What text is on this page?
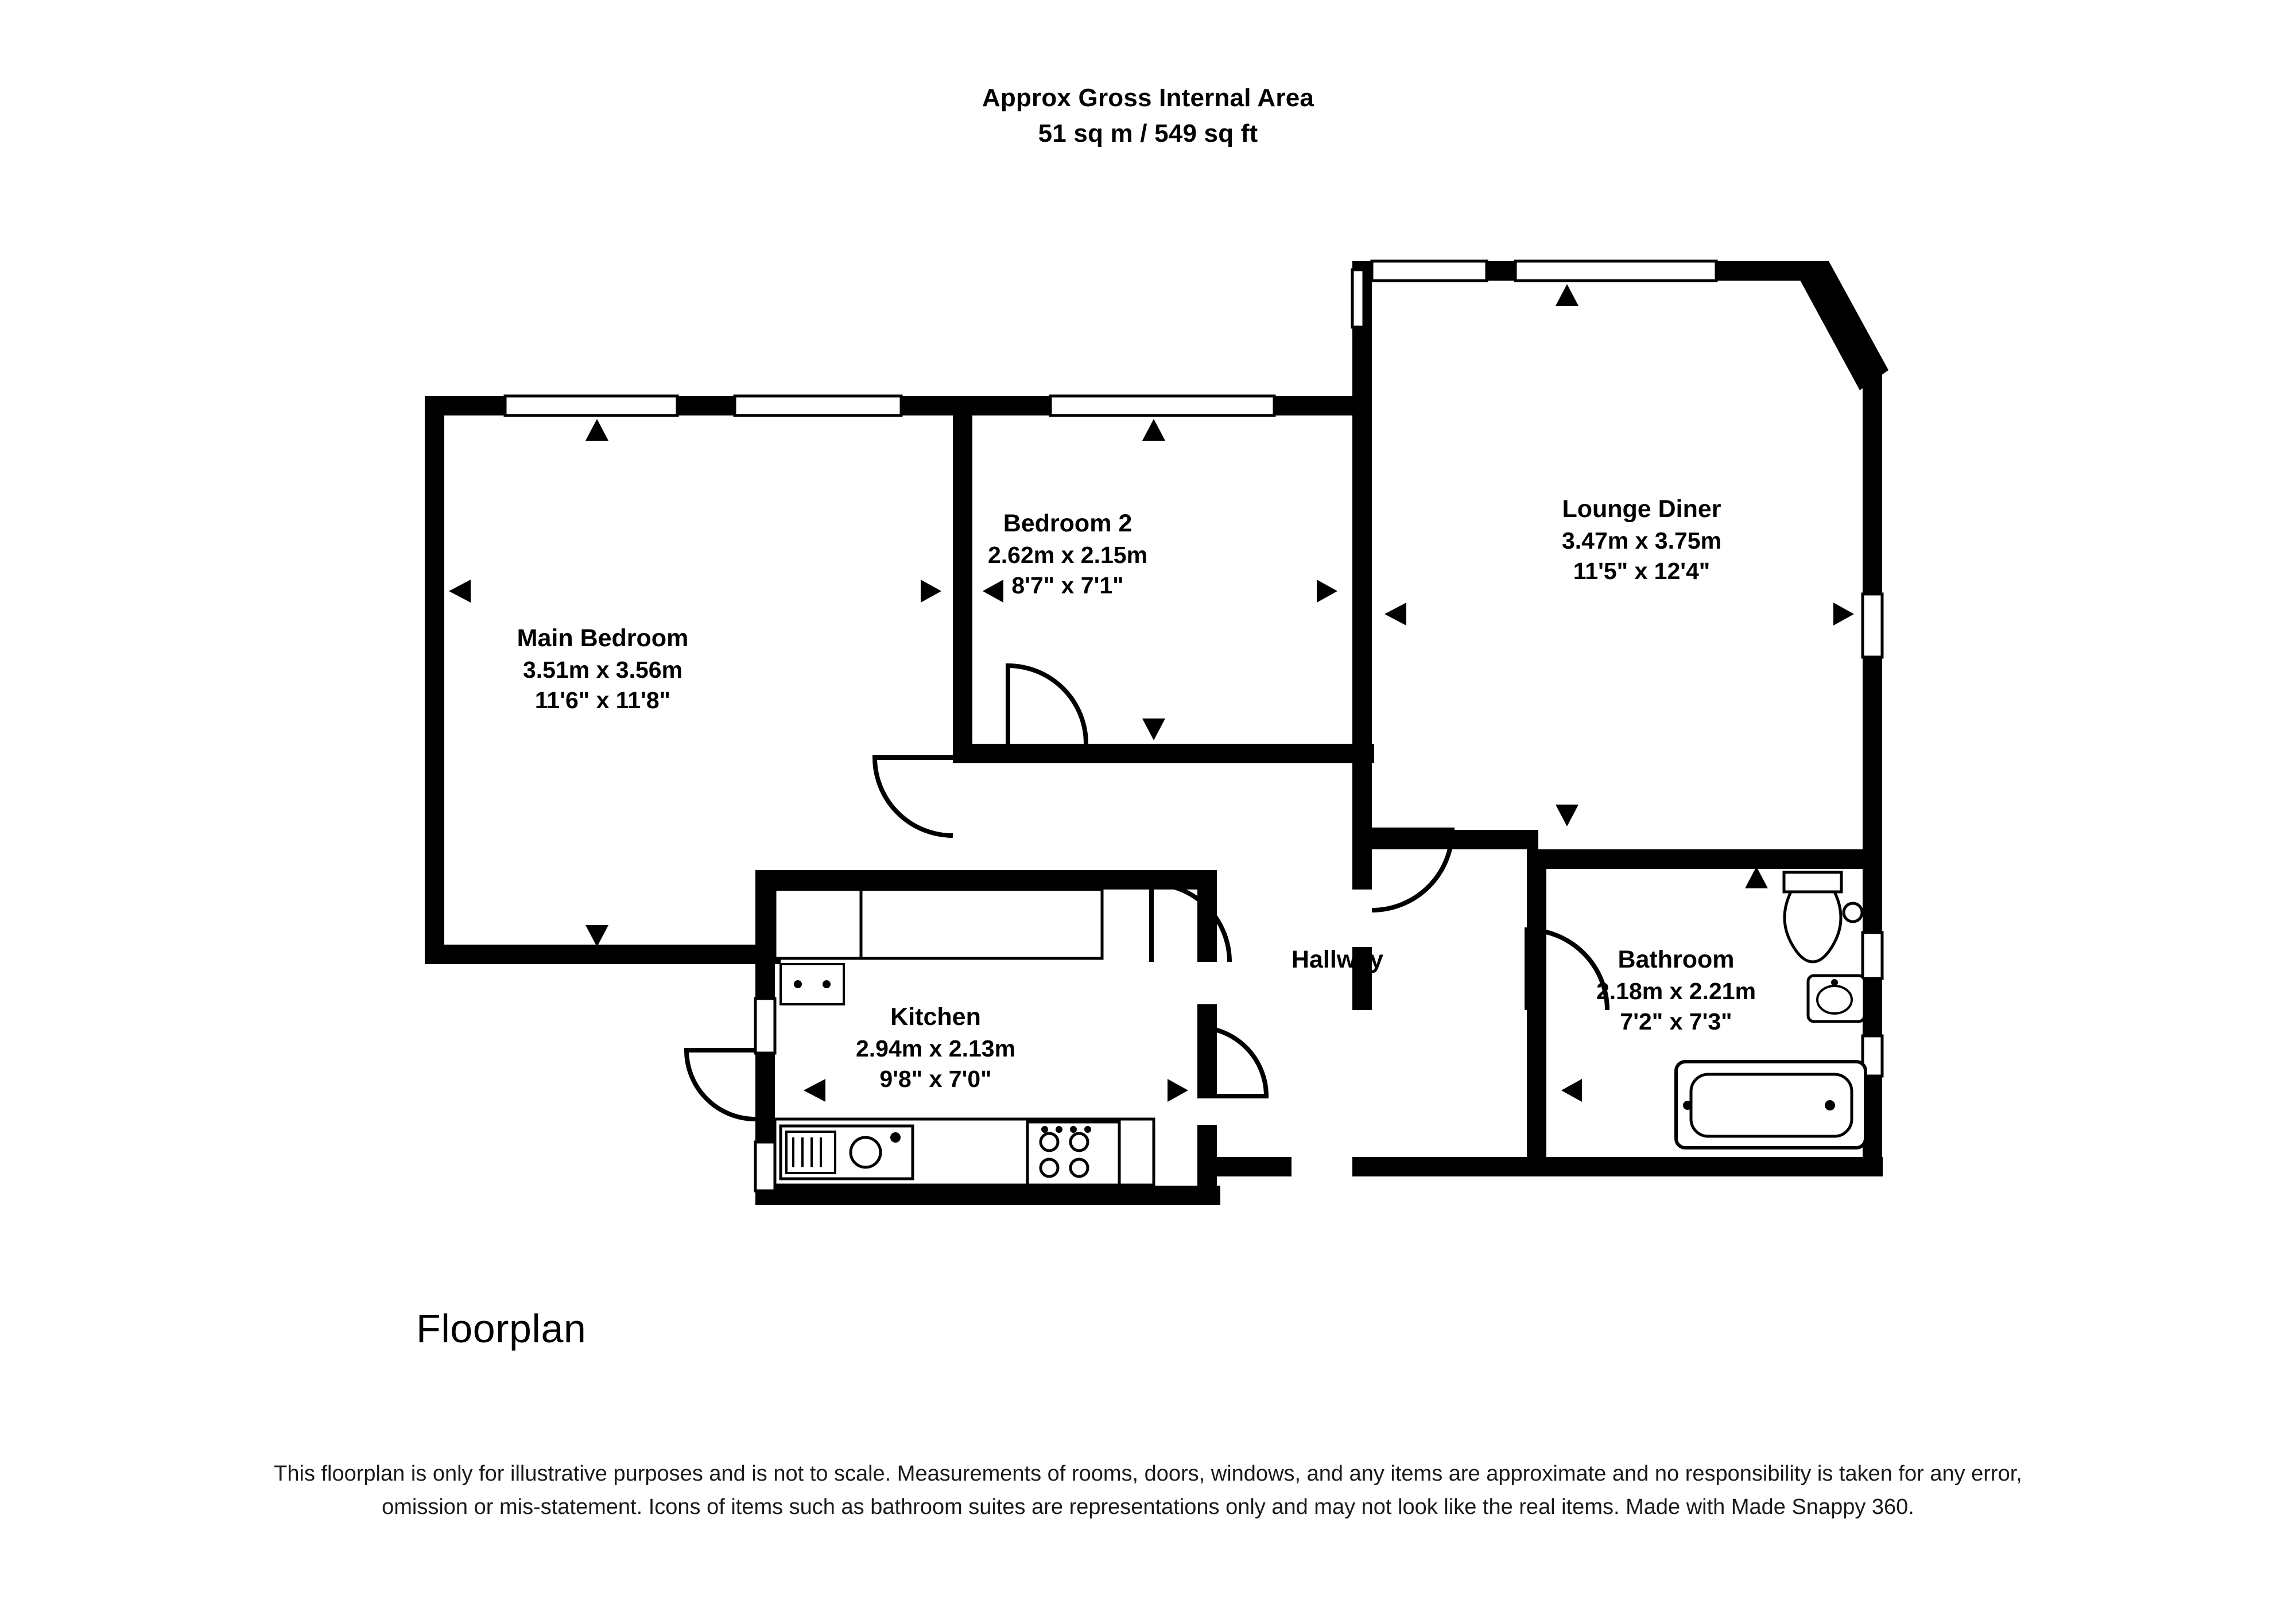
Approx Gross Internal Area
51 sq m / 549 sq ft
Main Bedroom
3.51m x 3.56m
11'6" x 11'8"
Bedroom 2
2.62m x 2.15m
8'7" x 7'1"
Lounge Diner
3.47m x 3.75m
11'5" x 12'4"
Kitchen
2.94m x 2.13m
9'8" x 7'0"
Hallway	Bathroom
2.18m x 2.21m
7'2" x 7'3"
Floorplan
This floorplan is only for illustrative purposes and is not to scale. Measurements of rooms, doors, windows, and any items are approximate and no responsibility is taken for any error, omission or mis-statement. Icons of items such as bathroom suites are representations only and may not look like the real items. Made with Made Snappy 360.
